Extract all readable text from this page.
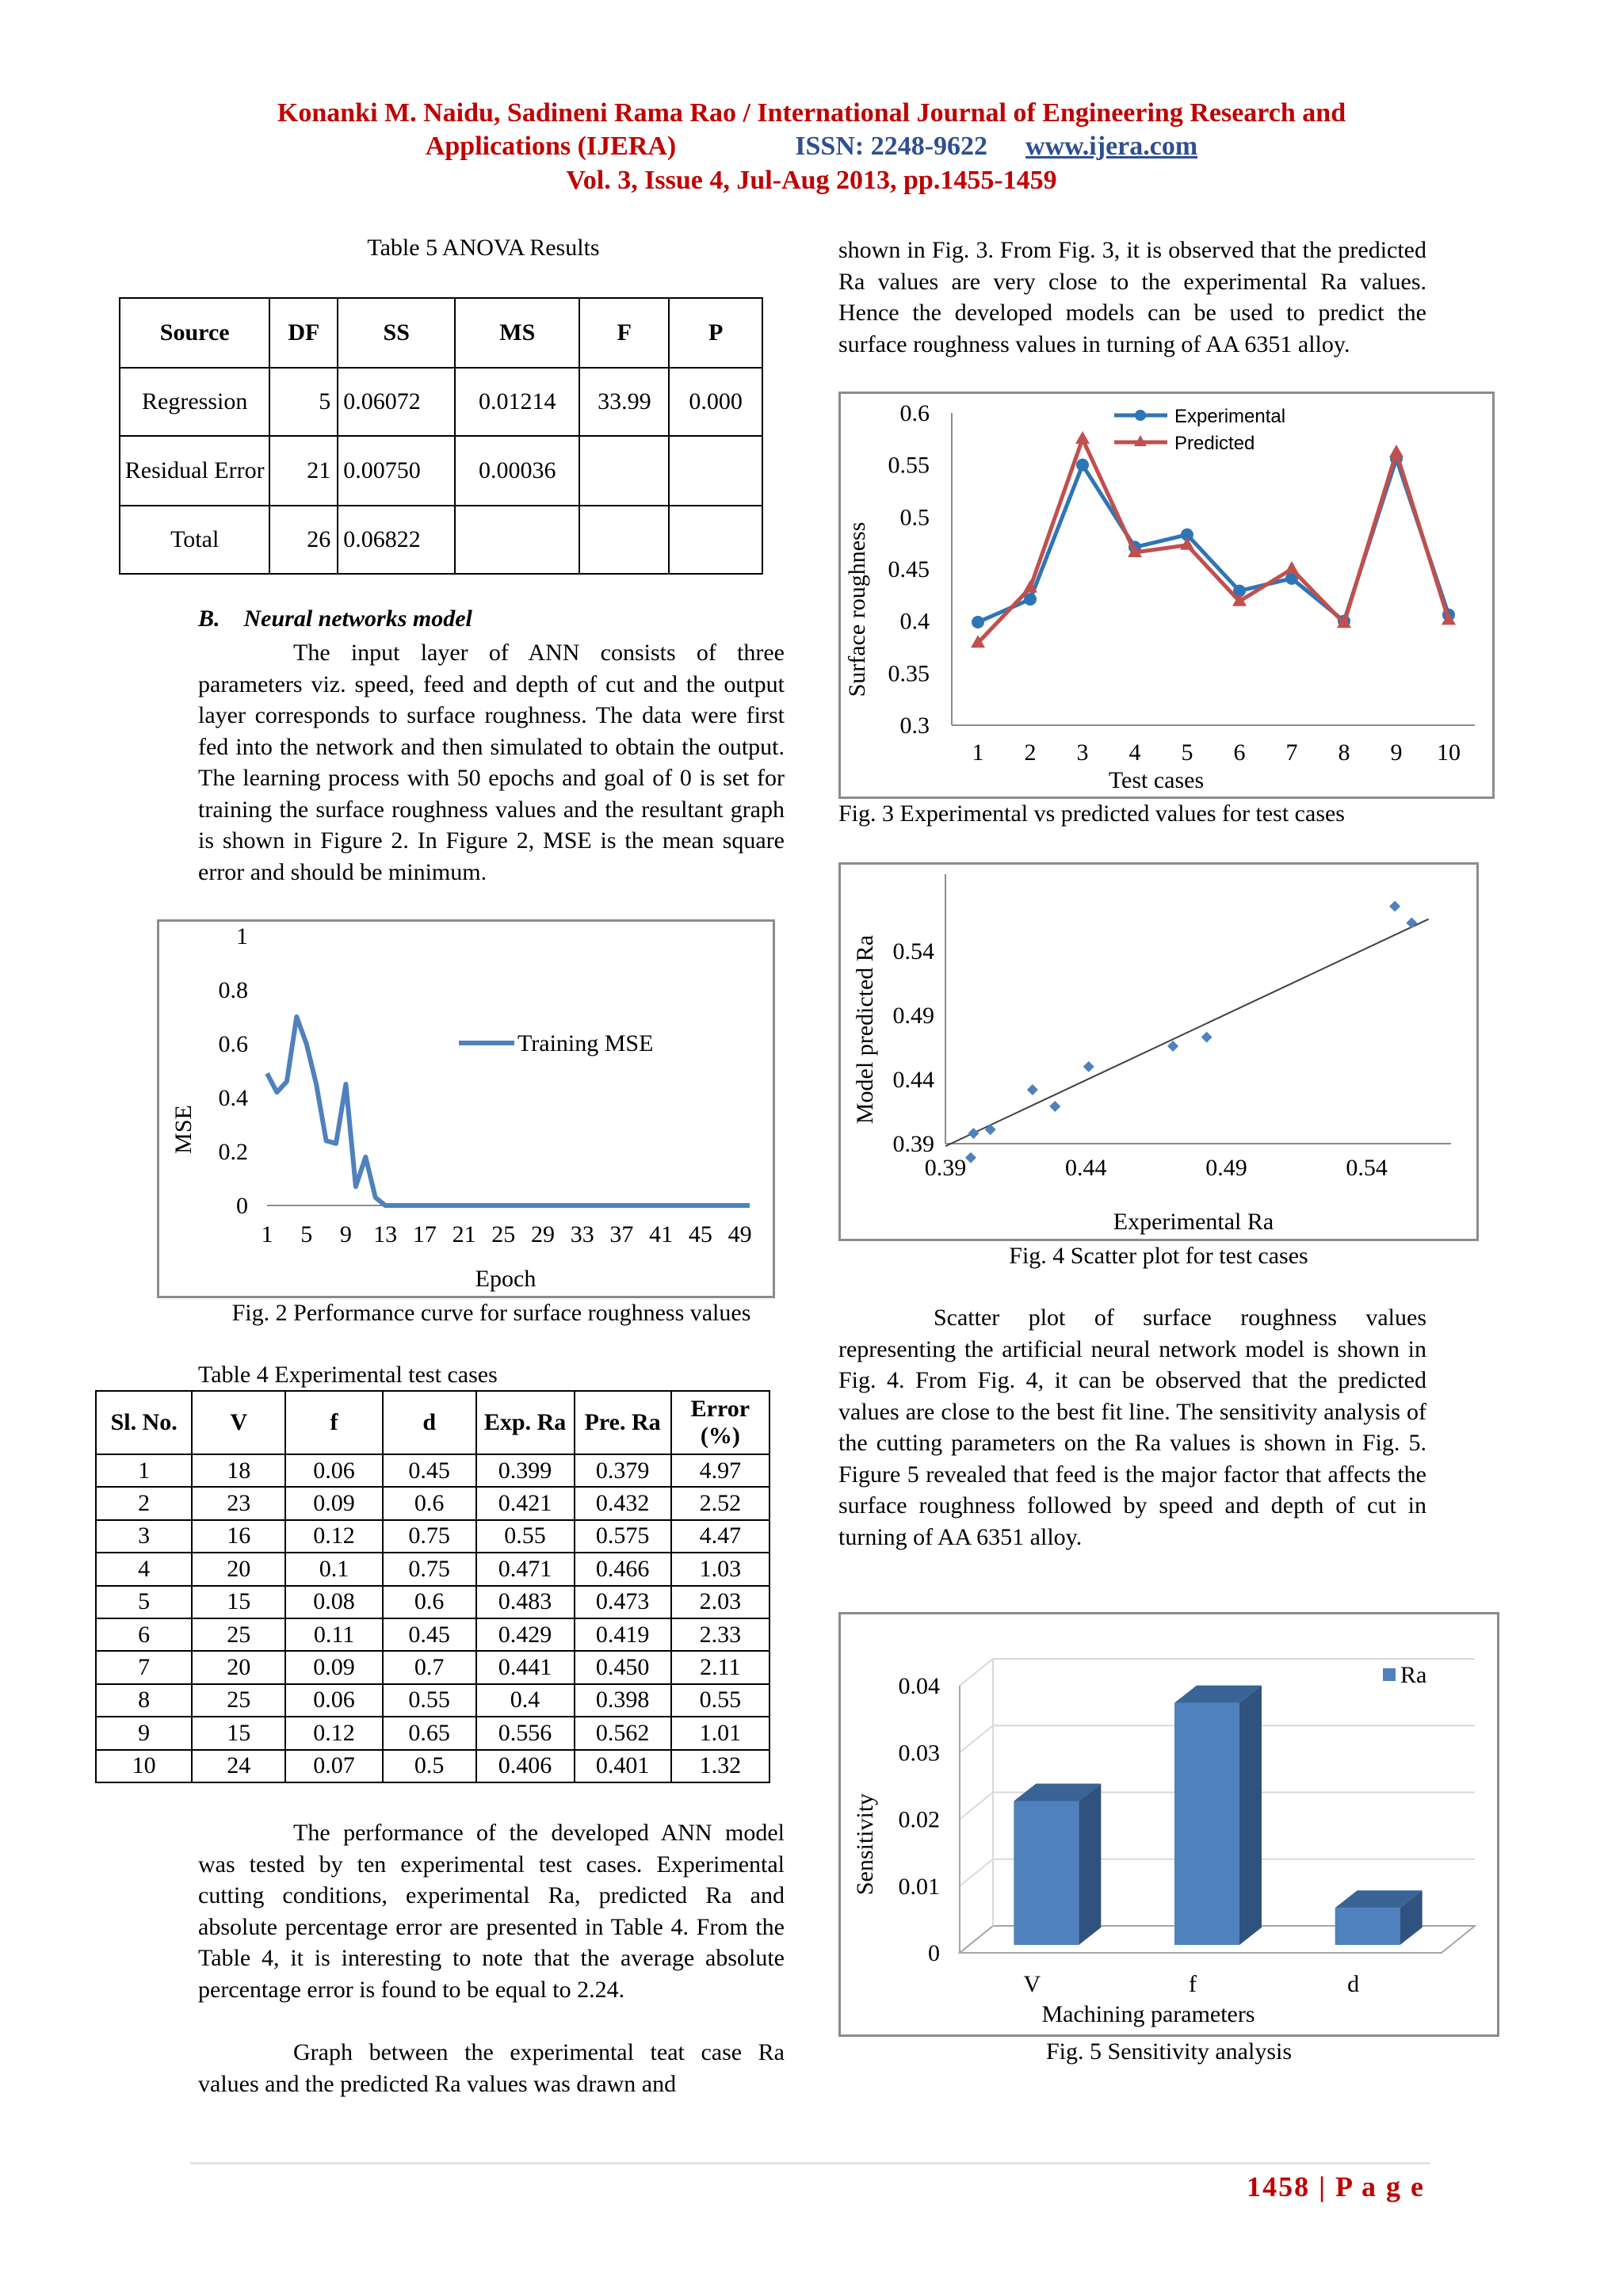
Konanki M. Naidu, Sadineni Rama Rao / International Journal of Engineering Research and
Applications (IJERA)	ISSN: 2248-9622 www.ijera.com
Vol. 3, Issue 4, Jul-Aug 2013, pp.1455-1459
Table 5 ANOVA Results
Source	DF	SS	MS	F	P
Regression	5	0.06072	0.01214	33.99	0.000
Residual Error	21	0.00750	0.00036		
Total	26	0.06822			
B.    Neural networks model
The input layer of ANN consists of three parameters viz. speed, feed and depth of cut and the output layer corresponds to surface roughness. The data were first fed into the network and then simulated to obtain the output. The learning process with 50 epochs and goal of 0 is set for training the surface roughness values and the resultant graph is shown in Figure 2. In Figure 2, MSE is the mean square error and should be minimum.
MSE
Epoch
0
0.2
0.4
0.6
0.8
1
1 5 9 13 17 21 25 29 33 37 41 45 49
Training MSE
Fig. 2 Performance curve for surface roughness values
Table 4 Experimental test cases
Sl. No.	V	f	d	Exp. Ra	Pre. Ra	Error (%)
1	18	0.06	0.45	0.399	0.379	4.97
2	23	0.09	0.6	0.421	0.432	2.52
3	16	0.12	0.75	0.55	0.575	4.47
4	20	0.1	0.75	0.471	0.466	1.03
5	15	0.08	0.6	0.483	0.473	2.03
6	25	0.11	0.45	0.429	0.419	2.33
7	20	0.09	0.7	0.441	0.450	2.11
8	25	0.06	0.55	0.4	0.398	0.55
9	15	0.12	0.65	0.556	0.562	1.01
10	24	0.07	0.5	0.406	0.401	1.32
The performance of the developed ANN model was tested by ten experimental test cases. Experimental cutting conditions, experimental Ra, predicted Ra and absolute percentage error are presented in Table 4. From the Table 4, it is interesting to note that the average absolute percentage error is found to be equal to 2.24.
Graph between the experimental teat case Ra values and the predicted Ra values was drawn and
shown in Fig. 3. From Fig. 3, it is observed that the predicted Ra values are very close to the experimental Ra values. Hence the developed models can be used to predict the surface roughness values in turning of AA 6351 alloy.
Surface roughness
Test cases
0.3
0.35
0.4
0.45
0.5
0.55
0.6
1 2 3 4 5 6 7 8 9 10
Experimental
Predicted
Fig. 3 Experimental vs predicted values for test cases
Model predicted Ra
Experimental Ra
0.39
0.44
0.49
0.54
0.39	0.44	0.49	0.54
Fig. 4 Scatter plot for test cases
Scatter plot of surface roughness values representing the artificial neural network model is shown in Fig. 4. From Fig. 4, it can be observed that the predicted values are close to the best fit line. The sensitivity analysis of the cutting parameters on the Ra values is shown in Fig. 5. Figure 5 revealed that feed is the major factor that affects the surface roughness followed by speed and depth of cut in turning of AA 6351 alloy.
Sensitivity
Machining parameters
0
0.01
0.02
0.03
0.04
V	f	d
Ra
Fig. 5 Sensitivity analysis
1458 | P a g e
